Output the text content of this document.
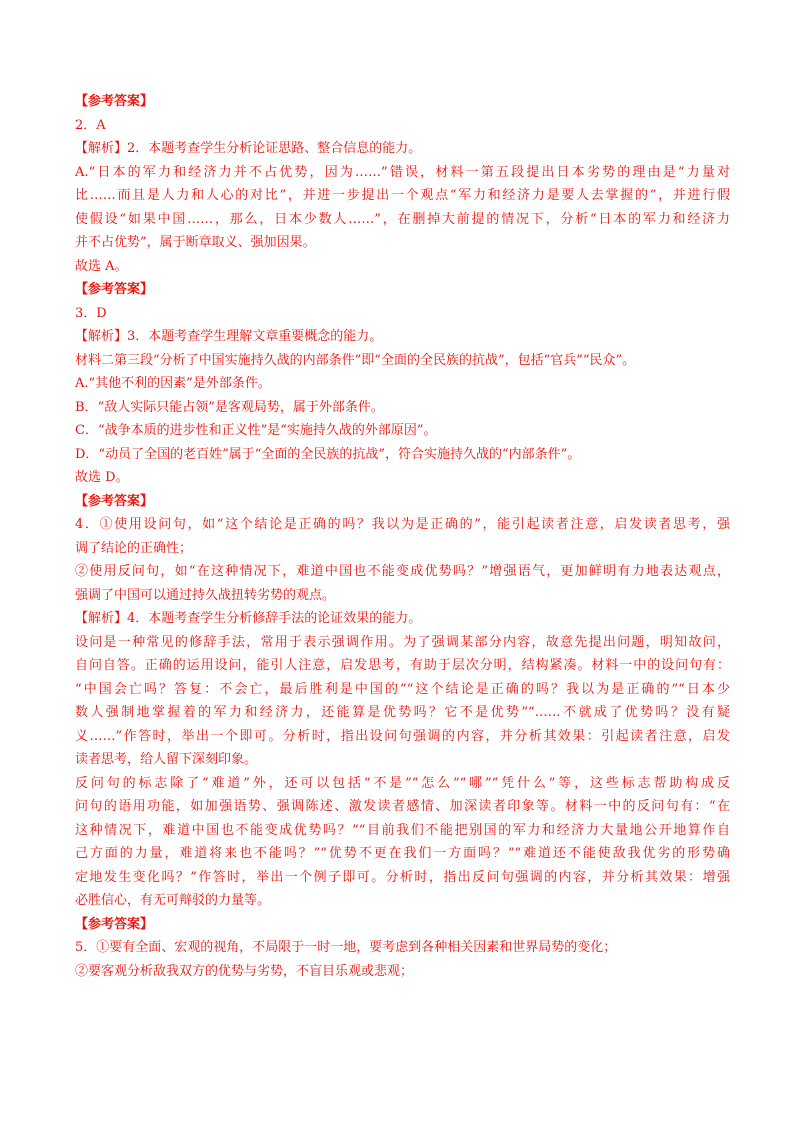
【参考答案】
2．A
【解析】2．本题考查学生分析论证思路、整合信息的能力。
A.“日本的军力和经济力并不占优势，因为……”错误，材料一第五段提出日本劣势的理由是“力量对
比……而且是人力和人心的对比”，并进一步提出一个观点“军力和经济力是要人去掌握的”，并进行假
使假设“如果中国……，那么，日本少数人……”，在删掉大前提的情况下，分析“日本的军力和经济力
并不占优势”，属于断章取义、强加因果。
故选 A。
【参考答案】
3．D
【解析】3．本题考查学生理解文章重要概念的能力。
材料二第三段“分析了中国实施持久战的内部条件”即“全面的全民族的抗战”，包括“官兵”“民众”。
A.“其他不利的因素”是外部条件。
B．“敌人实际只能占领”是客观局势，属于外部条件。
C．“战争本质的进步性和正义性”是“实施持久战的外部原因”。
D．“动员了全国的老百姓”属于“全面的全民族的抗战”，符合实施持久战的“内部条件”。
故选 D。
【参考答案】
4．①使用设问句，如“这个结论是正确的吗？我以为是正确的”，能引起读者注意，启发读者思考，强
调了结论的正确性；
②使用反问句，如“在这种情况下，难道中国也不能变成优势吗？”增强语气，更加鲜明有力地表达观点，
强调了中国可以通过持久战扭转劣势的观点。
【解析】4．本题考查学生分析修辞手法的论证效果的能力。
设问是一种常见的修辞手法，常用于表示强调作用。为了强调某部分内容，故意先提出问题，明知故问，
自问自答。正确的运用设问，能引人注意，启发思考，有助于层次分明，结构紧凑。材料一中的设问句有：
“中国会亡吗？答复：不会亡，最后胜利是中国的”“这个结论是正确的吗？我以为是正确的”“日本少
数人强制地掌握着的军力和经济力，还能算是优势吗？它不是优势”“……不就成了优势吗？没有疑
义……”作答时，举出一个即可。分析时，指出设问句强调的内容，并分析其效果：引起读者注意，启发
读者思考，给人留下深刻印象。
反问句的标志除了“难道”外，还可以包括“不是”“怎么”“哪”“凭什么”等，这些标志帮助构成反
问句的语用功能，如加强语势、强调陈述、激发读者感情、加深读者印象等。材料一中的反问句有：“在
这种情况下，难道中国也不能变成优势吗？”“目前我们不能把别国的军力和经济力大量地公开地算作自
己方面的力量，难道将来也不能吗？”“优势不更在我们一方面吗？”“难道还不能使敌我优劣的形势确
定地发生变化吗？”作答时，举出一个例子即可。分析时，指出反问句强调的内容，并分析其效果：增强
必胜信心，有无可辩驳的力量等。
【参考答案】
5．①要有全面、宏观的视角，不局限于一时一地，要考虑到各种相关因素和世界局势的变化；
②要客观分析敌我双方的优势与劣势，不盲目乐观或悲观；
